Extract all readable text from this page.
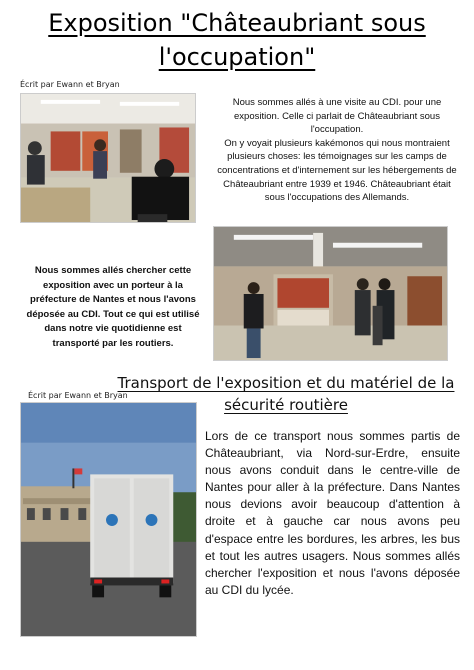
Exposition "Châteaubriant sous l'occupation"
Écrit par Ewann et Bryan
Nous sommes allés à une visite au CDI. pour une exposition. Celle ci parlait de Châteaubriant sous l'occupation.
On y voyait plusieurs kakémonos qui nous montraient plusieurs choses: les témoignages sur les camps de concentrations et d'internement sur les hébergements de Châteaubriant entre 1939 et 1946. Châteaubriant était sous l'occupations des Allemands.
Nous sommes allés chercher cette exposition avec un porteur à la préfecture de Nantes et nous l'avons déposée au CDI. Tout ce qui est utilisé dans notre vie quotidienne est transporté par les routiers.
Écrit par Ewann et Bryan
Transport de l'exposition et du matériel de la sécurité routière
Lors de ce transport nous sommes partis de Châteaubriant, via Nord-sur-Erdre, ensuite nous avons conduit dans le centre-ville de Nantes pour aller à la préfecture. Dans Nantes nous devions avoir beaucoup d'attention à droite et à gauche car nous avons peu d'espace entre les bordures, les arbres, les bus et tout les autres usagers. Nous sommes allés chercher l'exposition et nous l'avons déposée au CDI du lycée.
